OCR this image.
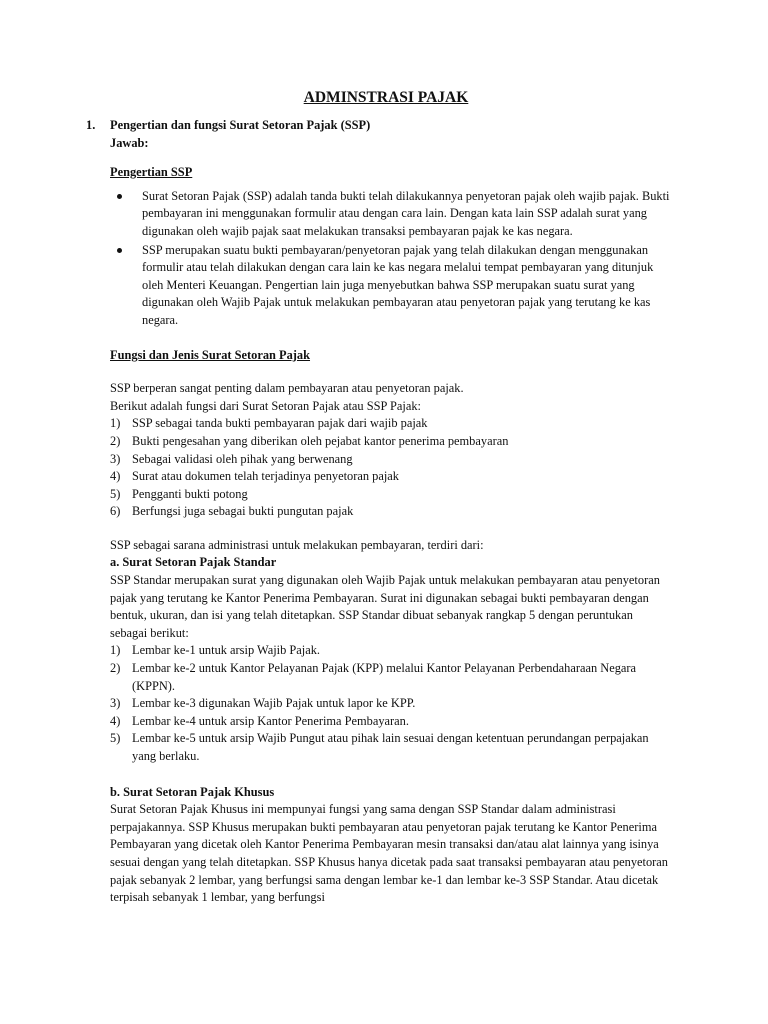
ADMINSTRASI PAJAK
1.	Pengertian dan fungsi Surat Setoran Pajak (SSP)
Jawab:
Pengertian SSP
Surat Setoran Pajak (SSP) adalah tanda bukti telah dilakukannya penyetoran pajak oleh wajib pajak. Bukti pembayaran ini menggunakan formulir atau dengan cara lain. Dengan kata lain SSP adalah surat yang digunakan oleh wajib pajak saat melakukan transaksi pembayaran pajak ke kas negara.
SSP merupakan suatu bukti pembayaran/penyetoran pajak yang telah dilakukan dengan menggunakan formulir atau telah dilakukan dengan cara lain ke kas negara melalui tempat pembayaran yang ditunjuk oleh Menteri Keuangan. Pengertian lain juga menyebutkan bahwa SSP merupakan suatu surat yang digunakan oleh Wajib Pajak untuk melakukan pembayaran atau penyetoran pajak yang terutang ke kas negara.
Fungsi dan Jenis Surat Setoran Pajak
SSP berperan sangat penting dalam pembayaran atau penyetoran pajak.
Berikut adalah fungsi dari Surat Setoran Pajak atau SSP Pajak:
1) SSP sebagai tanda bukti pembayaran pajak dari wajib pajak
2) Bukti pengesahan yang diberikan oleh pejabat kantor penerima pembayaran
3) Sebagai validasi oleh pihak yang berwenang
4) Surat atau dokumen telah terjadinya penyetoran pajak
5) Pengganti bukti potong
6) Berfungsi juga sebagai bukti pungutan pajak
SSP sebagai sarana administrasi untuk melakukan pembayaran, terdiri dari:
a. Surat Setoran Pajak Standar
SSP Standar merupakan surat yang digunakan oleh Wajib Pajak untuk melakukan pembayaran atau penyetoran pajak yang terutang ke Kantor Penerima Pembayaran. Surat ini digunakan sebagai bukti pembayaran dengan bentuk, ukuran, dan isi yang telah ditetapkan. SSP Standar dibuat sebanyak rangkap 5 dengan peruntukan sebagai berikut:
1) Lembar ke-1 untuk arsip Wajib Pajak.
2) Lembar ke-2 untuk Kantor Pelayanan Pajak (KPP) melalui Kantor Pelayanan Perbendaharaan Negara (KPPN).
3) Lembar ke-3 digunakan Wajib Pajak untuk lapor ke KPP.
4) Lembar ke-4 untuk arsip Kantor Penerima Pembayaran.
5) Lembar ke-5 untuk arsip Wajib Pungut atau pihak lain sesuai dengan ketentuan perundangan perpajakan yang berlaku.
b. Surat Setoran Pajak Khusus
Surat Setoran Pajak Khusus ini mempunyai fungsi yang sama dengan SSP Standar dalam administrasi perpajakannya. SSP Khusus merupakan bukti pembayaran atau penyetoran pajak terutang ke Kantor Penerima Pembayaran yang dicetak oleh Kantor Penerima Pembayaran mesin transaksi dan/atau alat lainnya yang isinya sesuai dengan yang telah ditetapkan. SSP Khusus hanya dicetak pada saat transaksi pembayaran atau penyetoran pajak sebanyak 2 lembar, yang berfungsi sama dengan lembar ke-1 dan lembar ke-3 SSP Standar. Atau dicetak terpisah sebanyak 1 lembar, yang berfungsi
